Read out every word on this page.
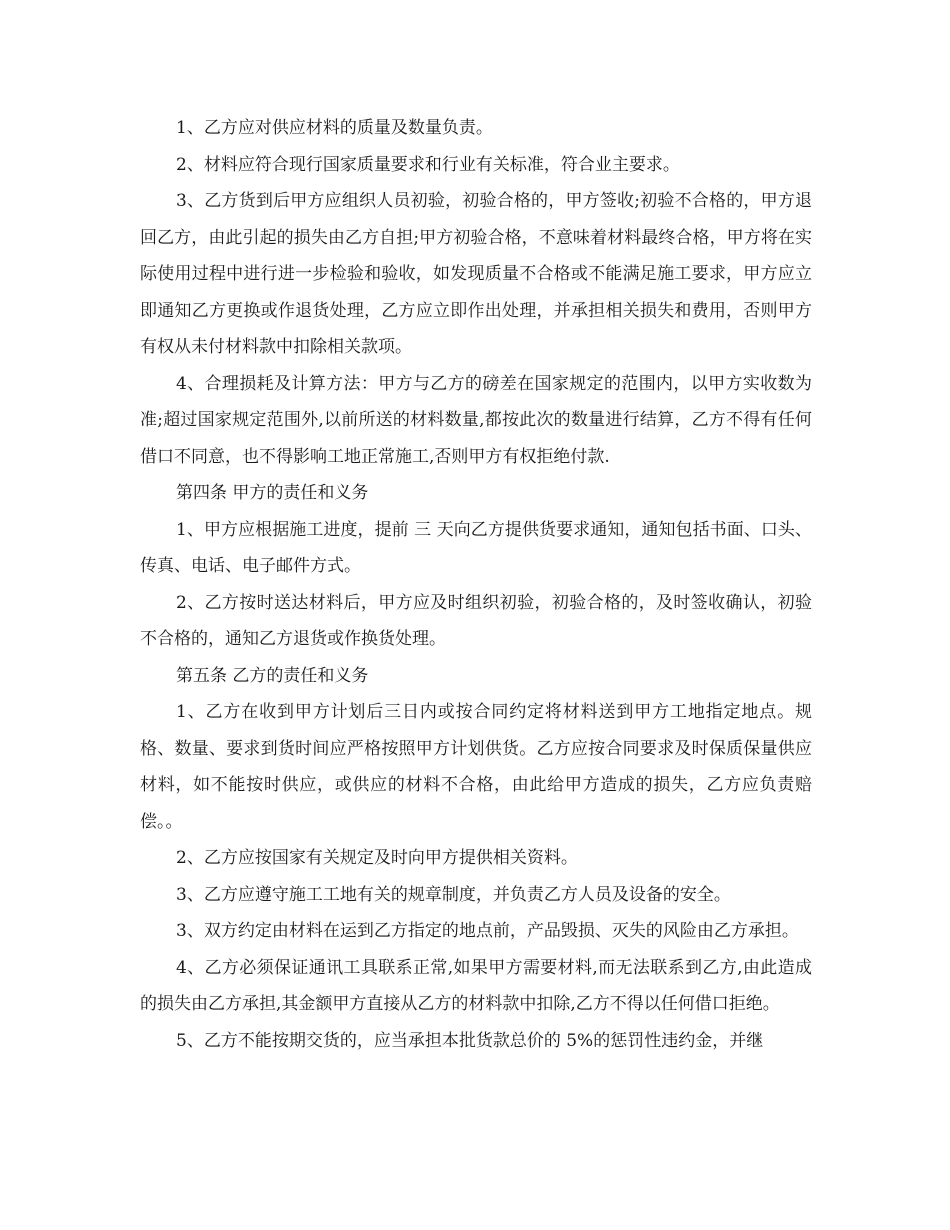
1、乙方应对供应材料的质量及数量负责。

2、材料应符合现行国家质量要求和行业有关标准，符合业主要求。

3、乙方货到后甲方应组织人员初验，初验合格的，甲方签收;初验不合格的，甲方退回乙方，由此引起的损失由乙方自担;甲方初验合格，不意味着材料最终合格，甲方将在实际使用过程中进行进一步检验和验收，如发现质量不合格或不能满足施工要求，甲方应立即通知乙方更换或作退货处理，乙方应立即作出处理，并承担相关损失和费用，否则甲方有权从未付材料款中扣除相关款项。

4、合理损耗及计算方法：甲方与乙方的磅差在国家规定的范围内，以甲方实收数为准;超过国家规定范围外,以前所送的材料数量,都按此次的数量进行结算，乙方不得有任何借口不同意，也不得影响工地正常施工,否则甲方有权拒绝付款.

第四条 甲方的责任和义务

1、甲方应根据施工进度，提前 三 天向乙方提供货要求通知，通知包括书面、口头、传真、电话、电子邮件方式。

2、乙方按时送达材料后，甲方应及时组织初验，初验合格的，及时签收确认，初验不合格的，通知乙方退货或作换货处理。

第五条 乙方的责任和义务

1、乙方在收到甲方计划后三日内或按合同约定将材料送到甲方工地指定地点。规格、数量、要求到货时间应严格按照甲方计划供货。乙方应按合同要求及时保质保量供应材料，如不能按时供应，或供应的材料不合格，由此给甲方造成的损失，乙方应负责赔偿。。

2、乙方应按国家有关规定及时向甲方提供相关资料。

3、乙方应遵守施工工地有关的规章制度，并负责乙方人员及设备的安全。

3、双方约定由材料在运到乙方指定的地点前，产品毁损、灭失的风险由乙方承担。

4、乙方必须保证通讯工具联系正常,如果甲方需要材料,而无法联系到乙方,由此造成的损失由乙方承担,其金额甲方直接从乙方的材料款中扣除,乙方不得以任何借口拒绝。

5、乙方不能按期交货的，应当承担本批货款总价的 5%的惩罚性违约金，并继
